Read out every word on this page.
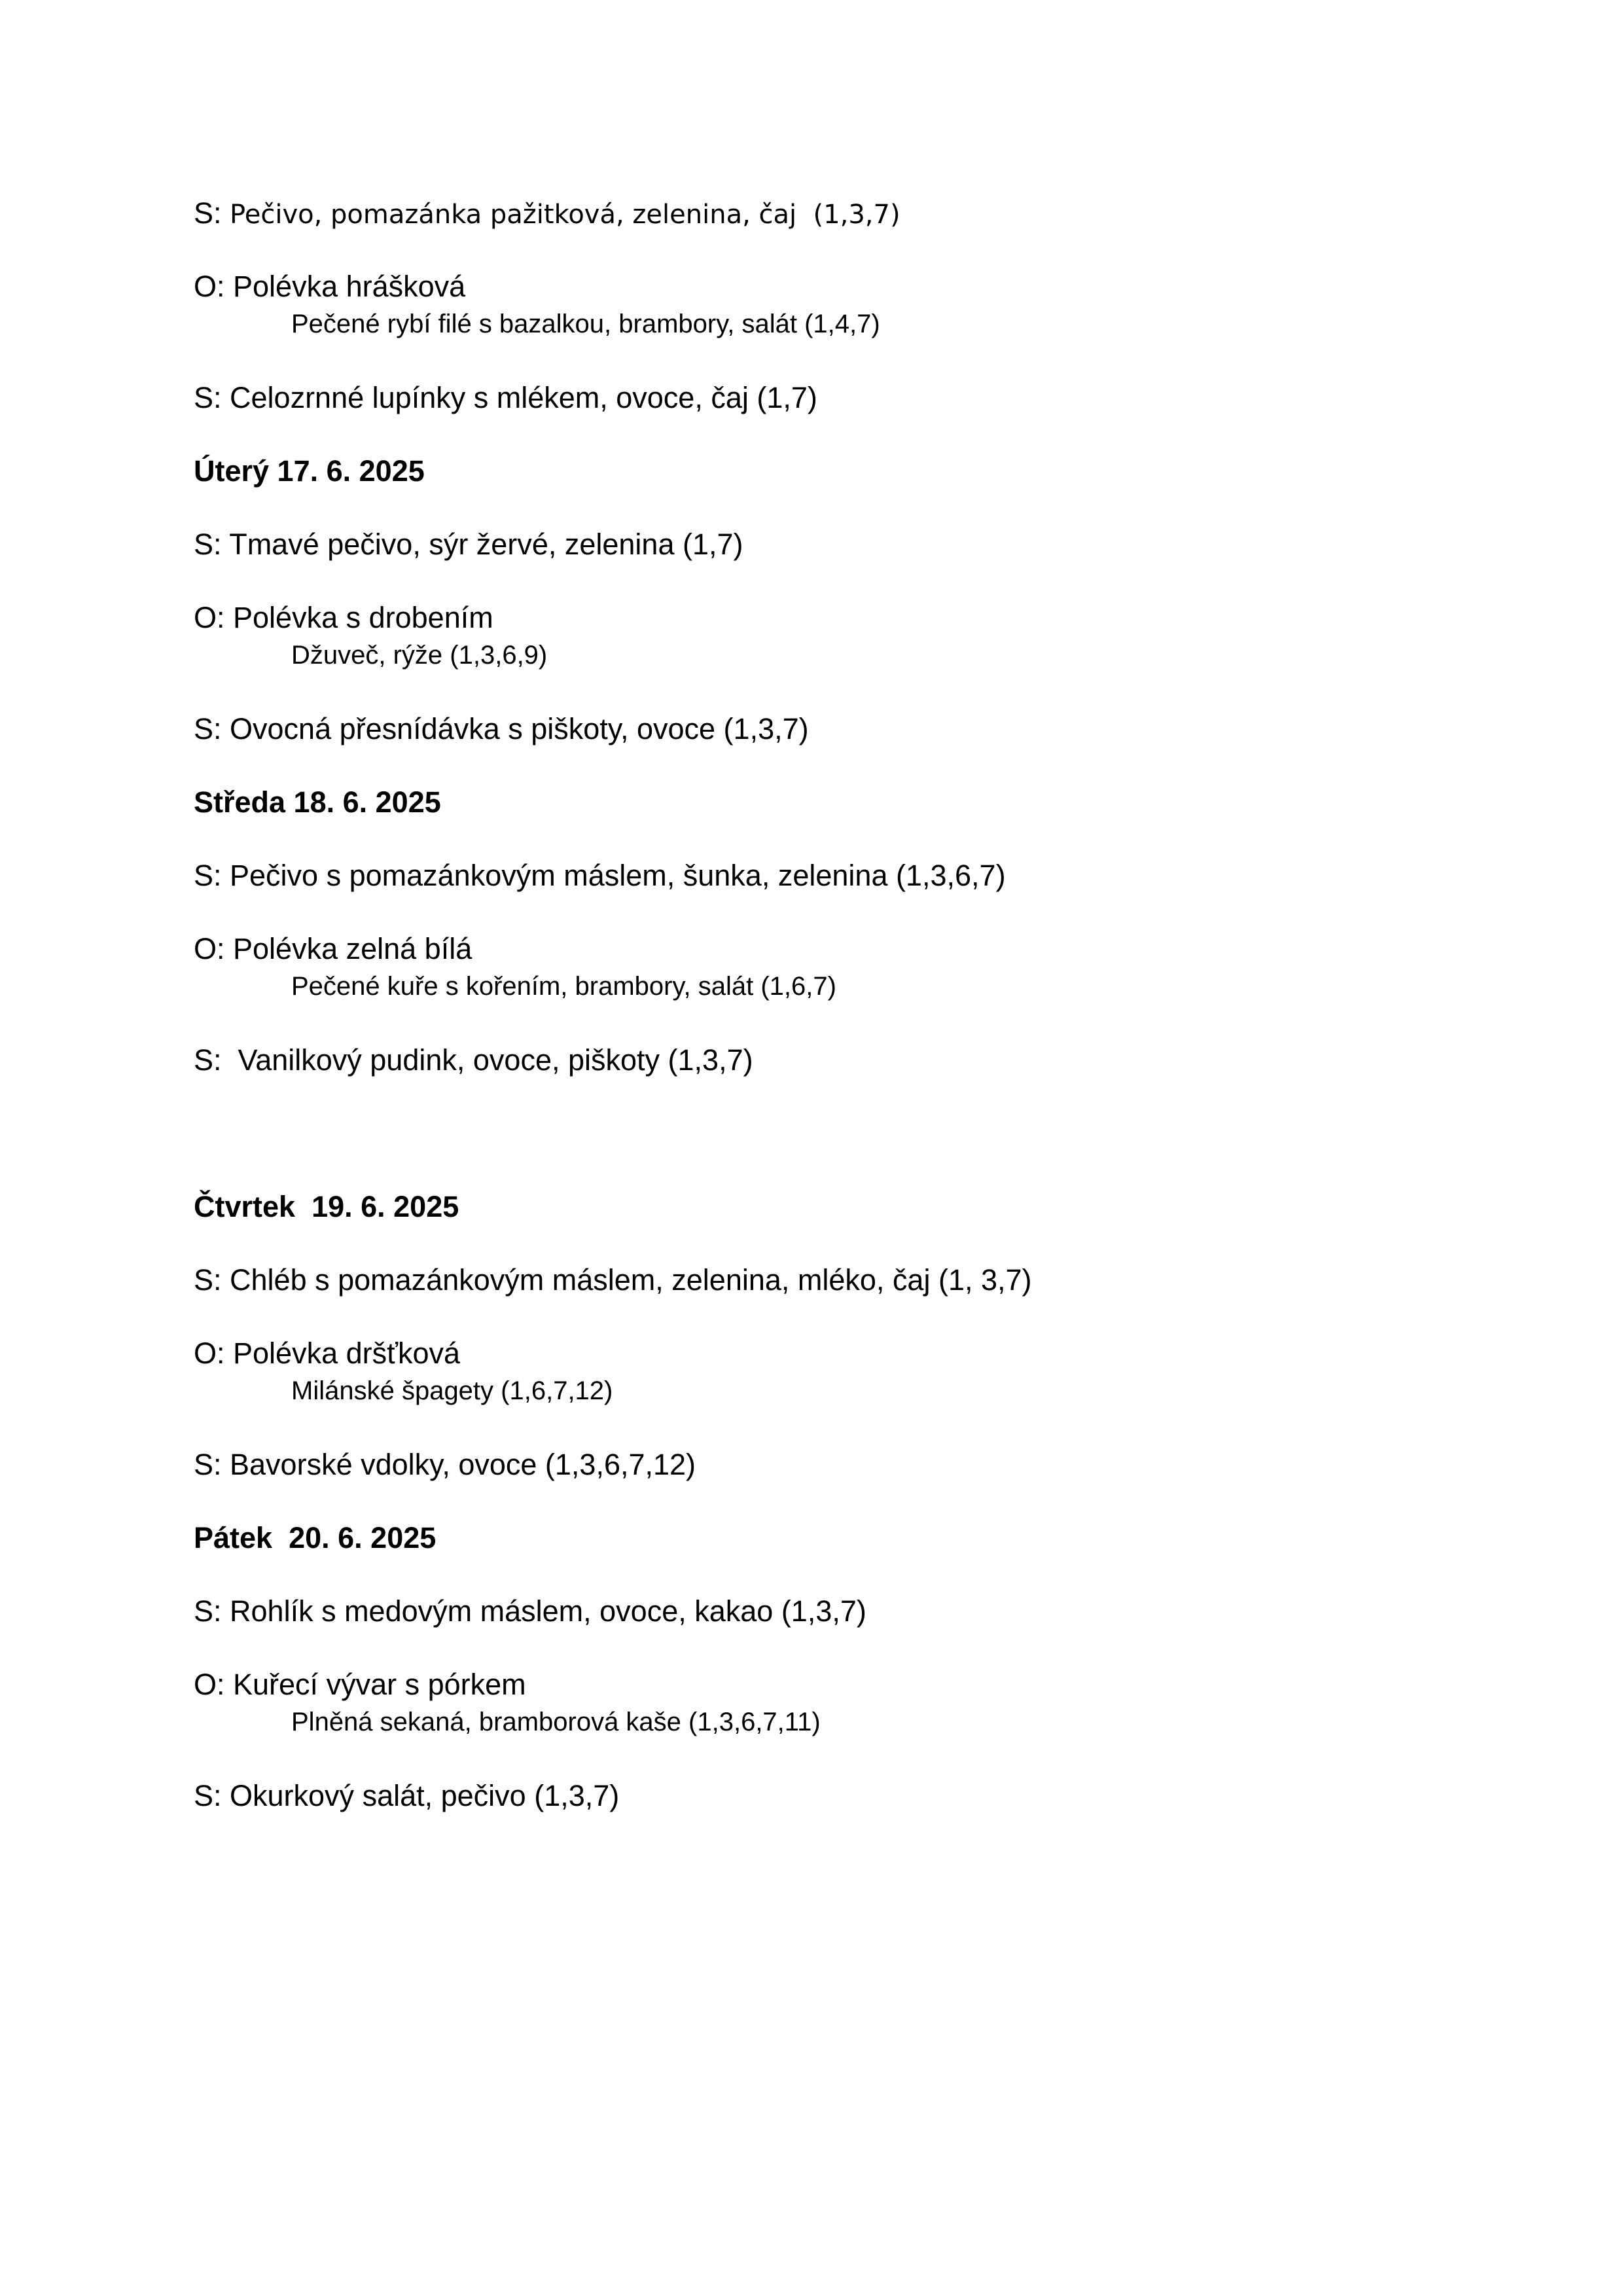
S: Pečivo, pomazánka pažitková, zelenina, čaj  (1,3,7)
O: Polévka hrášková
Pečené rybí filé s bazalkou, brambory, salát (1,4,7)
S: Celozrnné lupínky s mlékem, ovoce, čaj (1,7)
Úterý 17. 6. 2025
S: Tmavé pečivo, sýr žervé, zelenina (1,7)
O: Polévka s drobením
Džuveč, rýže (1,3,6,9)
S: Ovocná přesnídávka s piškoty, ovoce (1,3,7)
Středa 18. 6. 2025
S: Pečivo s pomazánkovým máslem, šunka, zelenina (1,3,6,7)
O: Polévka zelná bílá
Pečené kuře s kořením, brambory, salát (1,6,7)
S:  Vanilkový pudink, ovoce, piškoty (1,3,7)
Čtvrtek  19. 6. 2025
S: Chléb s pomazánkovým máslem, zelenina, mléko, čaj (1, 3,7)
O: Polévka dršťková
Milánské špagety (1,6,7,12)
S: Bavorské vdolky, ovoce (1,3,6,7,12)
Pátek  20. 6. 2025
S: Rohlík s medovým máslem, ovoce, kakao (1,3,7)
O: Kuřecí vývar s pórkem
Plněná sekaná, bramborová kaše (1,3,6,7,11)
S: Okurkový salát, pečivo (1,3,7)
